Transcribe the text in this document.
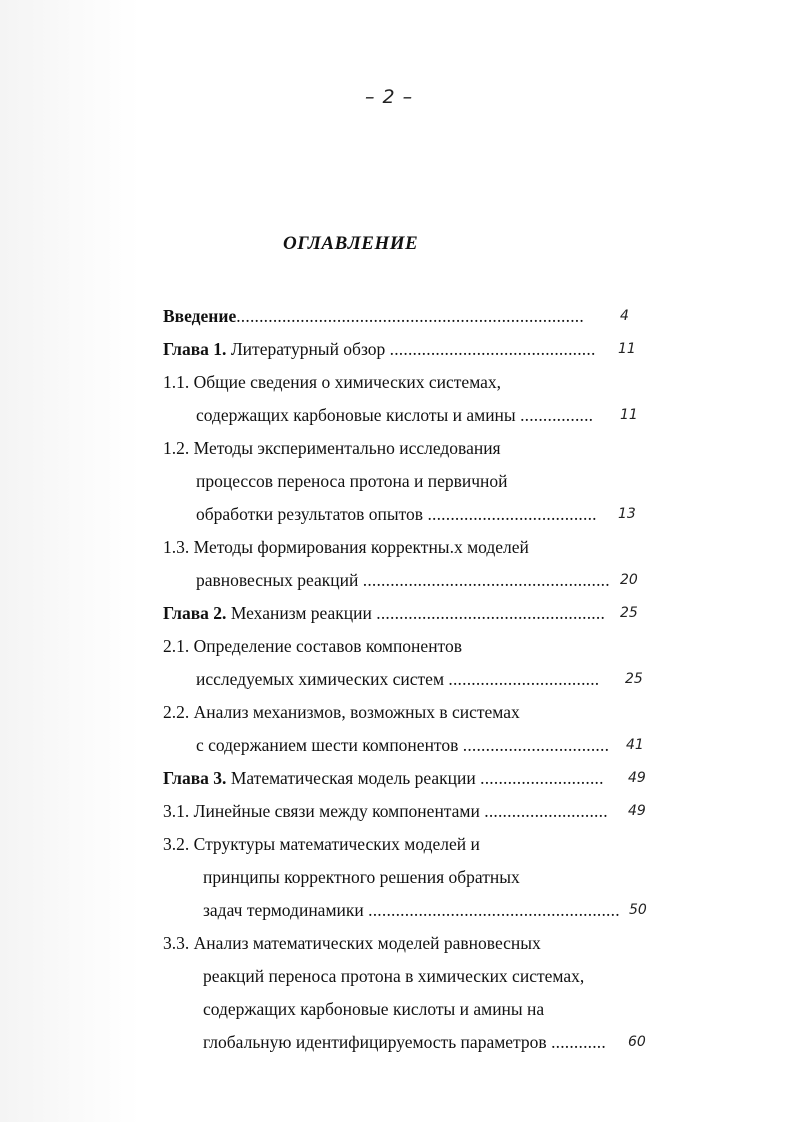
– 2 –
ОГЛАВЛЕНИЕ
Введение............................................................................	4
Глава 1. Литературный обзор ............................................. 11
1.1. Общие сведения о химических системах,
содержащих карбоновые кислоты и амины ................ 11
1.2. Методы экспериментально исследования
процессов переноса протона и первичной
обработки результатов опытов ..................................... 13
1.3. Методы формирования корректны.х моделей
равновесных реакций ...................................................... 20
Глава 2. Механизм реакции .................................................. 25
2.1. Определение составов компонентов
исследуемых химических систем ................................. 25
2.2. Анализ механизмов, возможных в системах
с содержанием шести компонентов ................................ 41
Глава 3. Математическая модель реакции ........................... 49
3.1. Линейные связи между компонентами ........................... 49
3.2. Структуры математических моделей и
принципы корректного решения обратных
задач термодинамики ....................................................... 50
3.3. Анализ математических моделей равновесных
реакций переноса протона в химических системах,
содержащих карбоновые кислоты и амины на
глобальную идентифицируемость параметров ............ 60
